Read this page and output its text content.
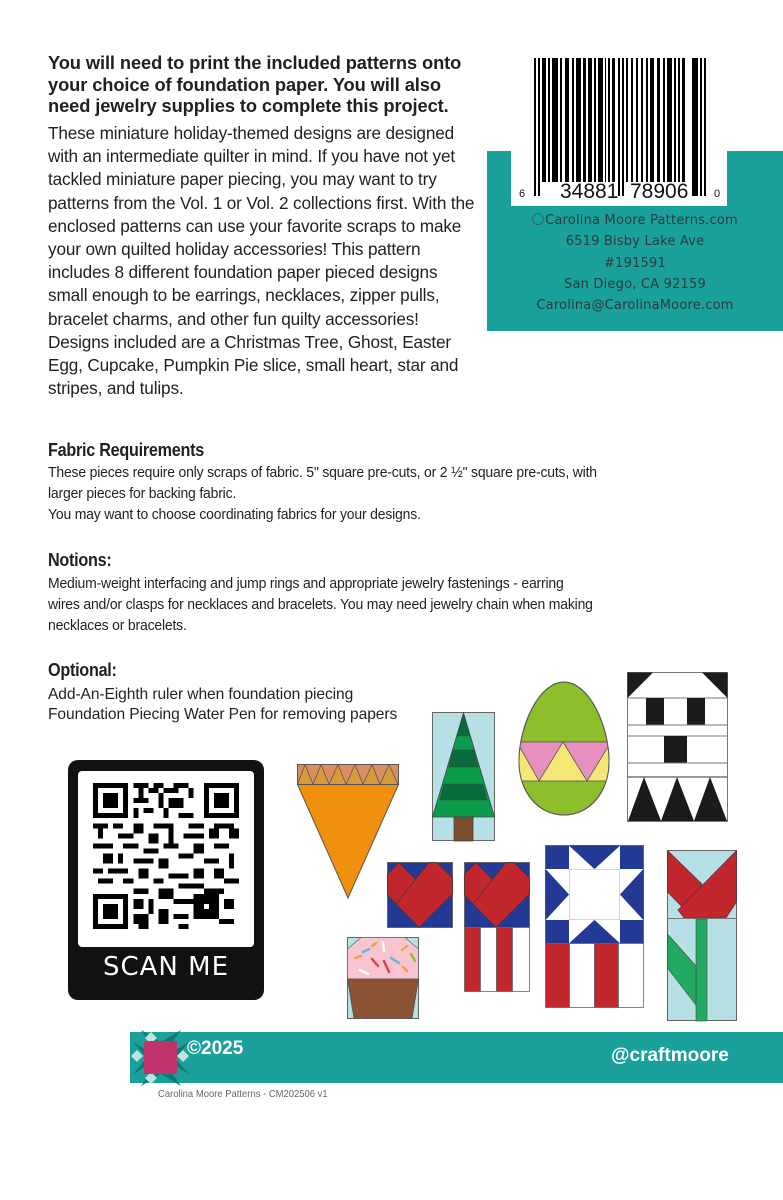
You will need to print the included patterns onto your choice of foundation paper. You will also need jewelry supplies to complete this project.
These miniature holiday-themed designs are designed with an intermediate quilter in mind. If you have not yet tackled miniature paper piecing, you may want to try patterns from the Vol. 1 or Vol. 2 collections first. With the enclosed patterns can use your favorite scraps to make your own quilted holiday accessories! This pattern includes 8 different foundation paper pieced designs small enough to be earrings, necklaces, zipper pulls, bracelet charms, and other fun quilty accessories! Designs included are a Christmas Tree, Ghost, Easter Egg, Cupcake, Pumpkin Pie slice, small heart, star and stripes, and tulips.
6 34881 78906 0
Carolina Moore Patterns.com
6519 Bisby Lake Ave
#191591
San Diego, CA 92159
Carolina@CarolinaMoore.com
Fabric Requirements
These pieces require only scraps of fabric. 5" square pre-cuts, or 2 ½" square pre-cuts, with
larger pieces for backing fabric.
You may want to choose coordinating fabrics for your designs.
Notions:
Medium-weight interfacing and jump rings and appropriate jewelry fastenings - earring
wires and/or clasps for necklaces and bracelets. You may need jewelry chain when making
necklaces or bracelets.
Optional:
Add-An-Eighth ruler when foundation piecing
Foundation Piecing Water Pen for removing papers
SCAN ME
©2025	@craftmoore
Carolina Moore Patterns - CM202506 v1
